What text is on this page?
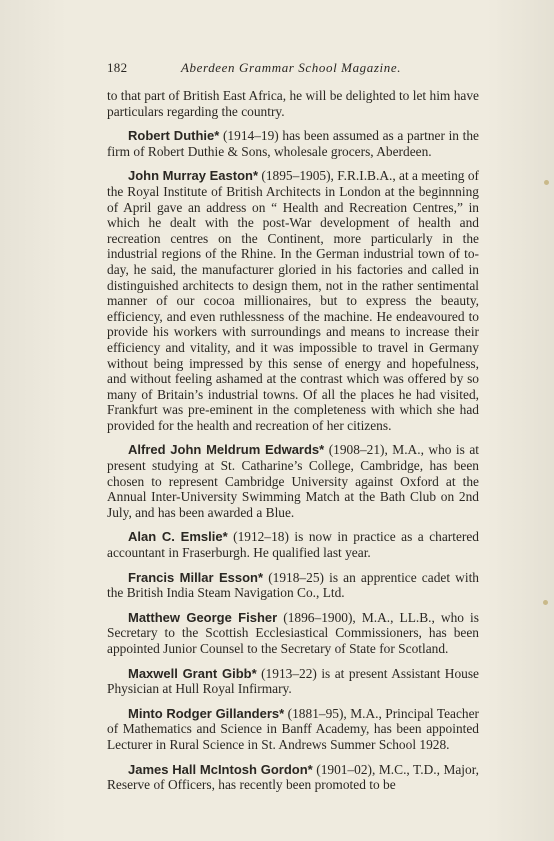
182	Aberdeen Grammar School Magazine.

to that part of British East Africa, he will be delighted to let him have particulars regarding the country.

Robert Duthie* (1914–19) has been assumed as a partner in the firm of Robert Duthie & Sons, wholesale grocers, Aberdeen.

John Murray Easton* (1895–1905), F.R.I.B.A., at a meeting of the Royal Institute of British Architects in London at the beginnning of April gave an address on “ Health and Recreation Centres,” in which he dealt with the post-War development of health and recreation centres on the Continent, more particularly in the industrial regions of the Rhine. In the German industrial town of to-day, he said, the manufacturer gloried in his factories and called in distinguished architects to design them, not in the rather sentimental manner of our cocoa millionaires, but to express the beauty, efficiency, and even ruthlessness of the machine. He endeavoured to provide his workers with surroundings and means to increase their efficiency and vitality, and it was impossible to travel in Germany without being impressed by this sense of energy and hopefulness, and without feeling ashamed at the contrast which was offered by so many of Britain’s industrial towns. Of all the places he had visited, Frankfurt was pre-eminent in the completeness with which she had provided for the health and recreation of her citizens.

Alfred John Meldrum Edwards* (1908–21), M.A., who is at present studying at St. Catharine’s College, Cambridge, has been chosen to represent Cambridge University against Oxford at the Annual Inter-University Swimming Match at the Bath Club on 2nd July, and has been awarded a Blue.

Alan C. Emslie* (1912–18) is now in practice as a chartered accountant in Fraserburgh. He qualified last year.

Francis Millar Esson* (1918–25) is an apprentice cadet with the British India Steam Navigation Co., Ltd.

Matthew George Fisher (1896–1900), M.A., LL.B., who is Secretary to the Scottish Ecclesiastical Commissioners, has been appointed Junior Counsel to the Secretary of State for Scotland.

Maxwell Grant Gibb* (1913–22) is at present Assistant House Physician at Hull Royal Infirmary.

Minto Rodger Gillanders* (1881–95), M.A., Principal Teacher of Mathematics and Science in Banff Academy, has been appointed Lecturer in Rural Science in St. Andrews Summer School 1928.

James Hall McIntosh Gordon* (1901–02), M.C., T.D., Major, Reserve of Officers, has recently been promoted to be
